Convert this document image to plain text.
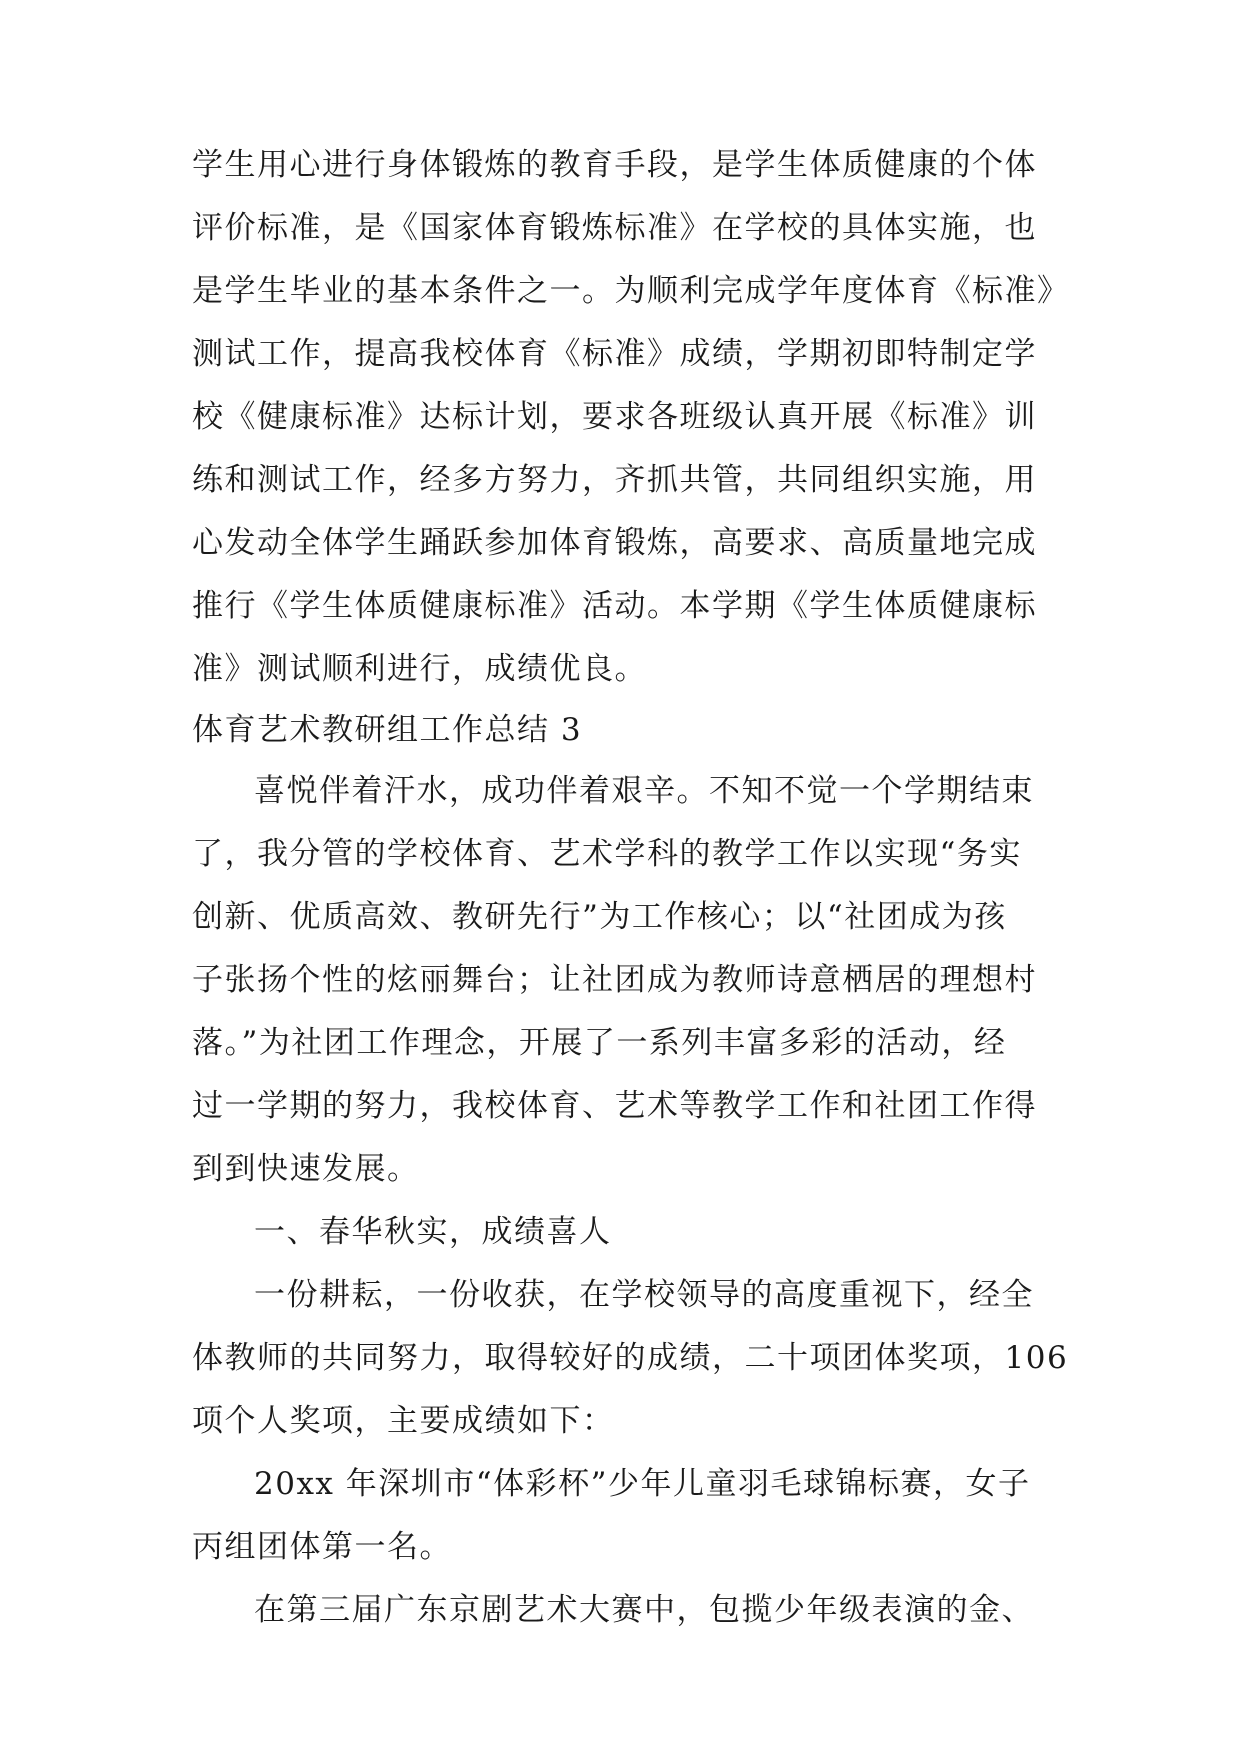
学生用心进行身体锻炼的教育手段，是学生体质健康的个体
评价标准，是《国家体育锻炼标准》在学校的具体实施，也
是学生毕业的基本条件之一。为顺利完成学年度体育《标准》
测试工作，提高我校体育《标准》成绩，学期初即特制定学
校《健康标准》达标计划，要求各班级认真开展《标准》训
练和测试工作，经多方努力，齐抓共管，共同组织实施，用
心发动全体学生踊跃参加体育锻炼，高要求、高质量地完成
推行《学生体质健康标准》活动。本学期《学生体质健康标
准》测试顺利进行，成绩优良。
体育艺术教研组工作总结 3
喜悦伴着汗水，成功伴着艰辛。不知不觉一个学期结束
了，我分管的学校体育、艺术学科的教学工作以实现“务实
创新、优质高效、教研先行”为工作核心；以“社团成为孩
子张扬个性的炫丽舞台；让社团成为教师诗意栖居的理想村
落。”为社团工作理念，开展了一系列丰富多彩的活动，经
过一学期的努力，我校体育、艺术等教学工作和社团工作得
到到快速发展。
一、春华秋实，成绩喜人
一份耕耘，一份收获，在学校领导的高度重视下，经全
体教师的共同努力，取得较好的成绩，二十项团体奖项，106
项个人奖项，主要成绩如下：
20xx 年深圳市“体彩杯”少年儿童羽毛球锦标赛，女子
丙组团体第一名。
在第三届广东京剧艺术大赛中，包揽少年级表演的金、
